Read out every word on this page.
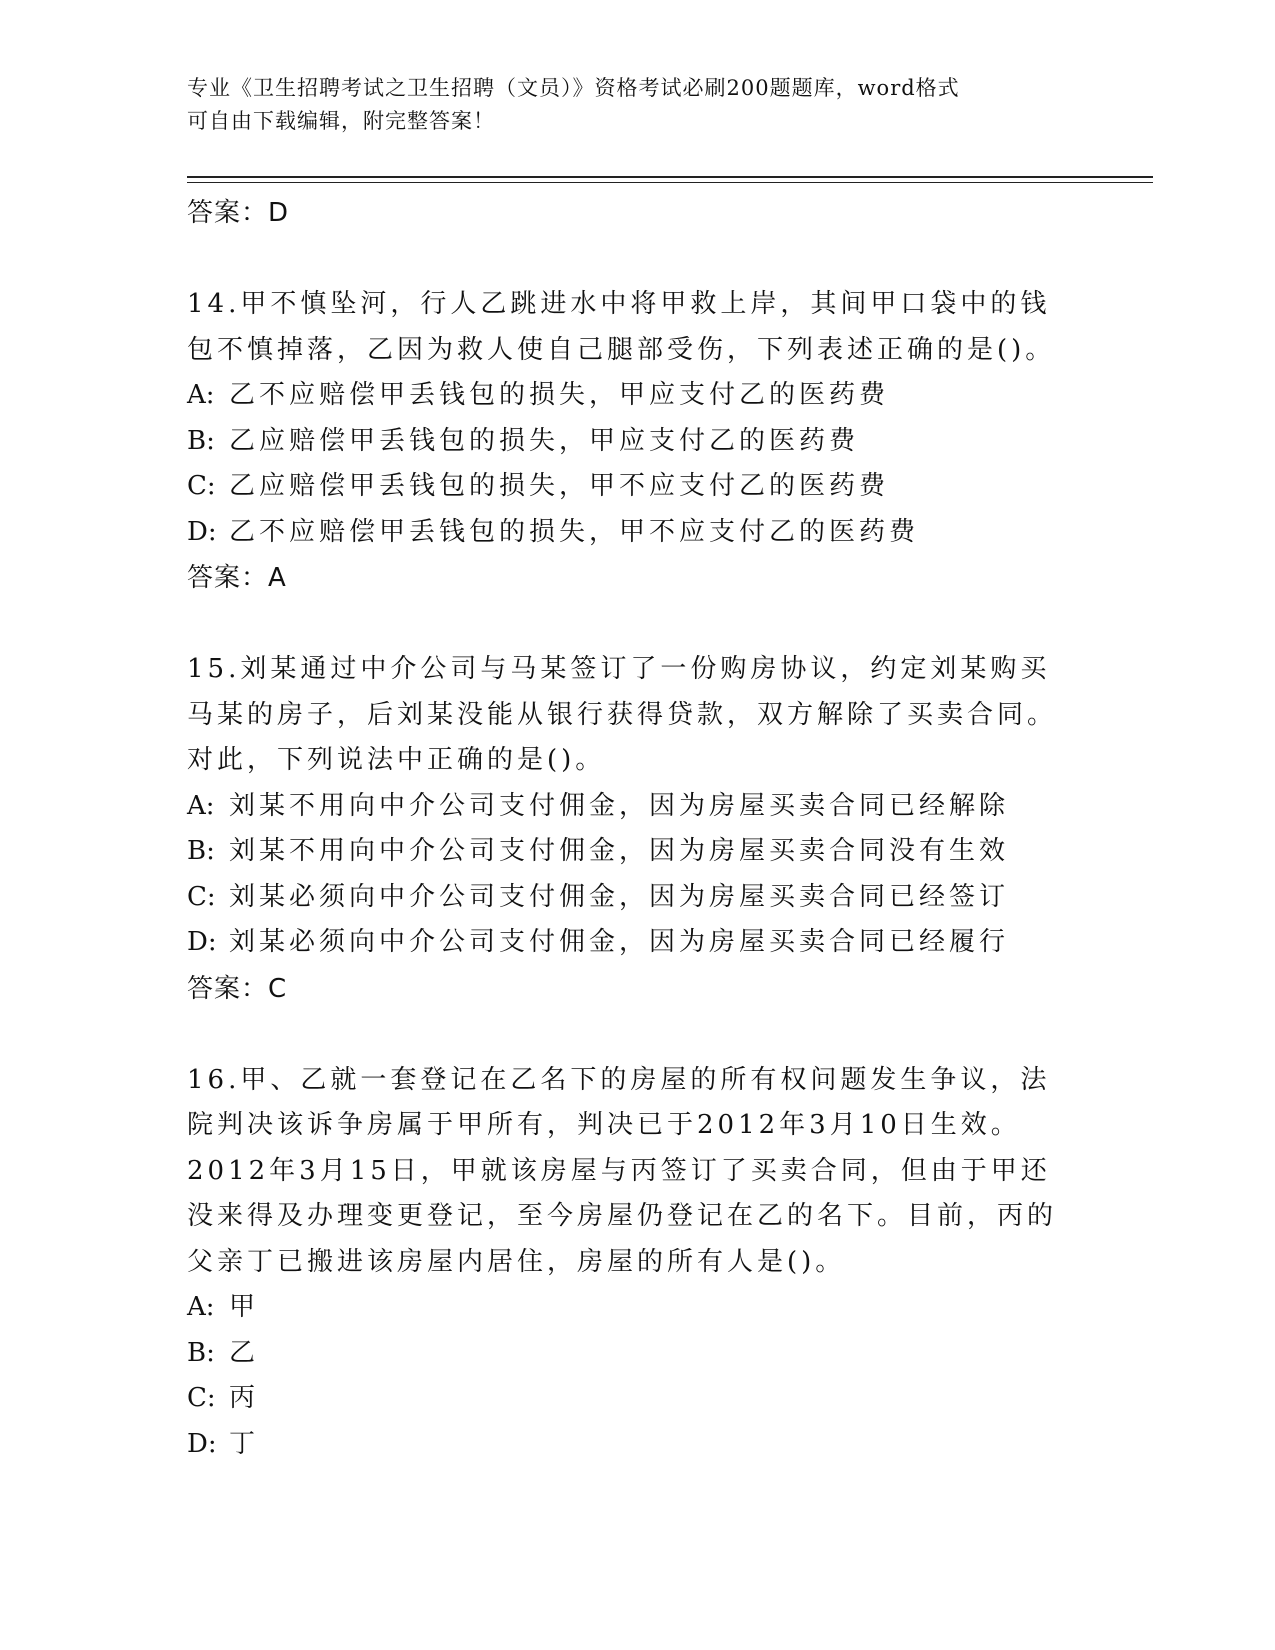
专业《卫生招聘考试之卫生招聘（文员）》资格考试必刷200题题库，word格式
可自由下载编辑，附完整答案！
答案：D
14.甲不慎坠河，行人乙跳进水中将甲救上岸，其间甲口袋中的钱包不慎掉落，乙因为救人使自己腿部受伤，下列表述正确的是()。
A: 乙不应赔偿甲丢钱包的损失，甲应支付乙的医药费
B: 乙应赔偿甲丢钱包的损失，甲应支付乙的医药费
C: 乙应赔偿甲丢钱包的损失，甲不应支付乙的医药费
D: 乙不应赔偿甲丢钱包的损失，甲不应支付乙的医药费
答案：A
15.刘某通过中介公司与马某签订了一份购房协议，约定刘某购买马某的房子，后刘某没能从银行获得贷款，双方解除了买卖合同。对此，下列说法中正确的是()。
A: 刘某不用向中介公司支付佣金，因为房屋买卖合同已经解除
B: 刘某不用向中介公司支付佣金，因为房屋买卖合同没有生效
C: 刘某必须向中介公司支付佣金，因为房屋买卖合同已经签订
D: 刘某必须向中介公司支付佣金，因为房屋买卖合同已经履行
答案：C
16.甲、乙就一套登记在乙名下的房屋的所有权问题发生争议，法院判决该诉争房属于甲所有，判决已于2012年3月10日生效。2012年3月15日，甲就该房屋与丙签订了买卖合同，但由于甲还没来得及办理变更登记，至今房屋仍登记在乙的名下。目前，丙的父亲丁已搬进该房屋内居住，房屋的所有人是()。
A: 甲
B: 乙
C: 丙
D: 丁
